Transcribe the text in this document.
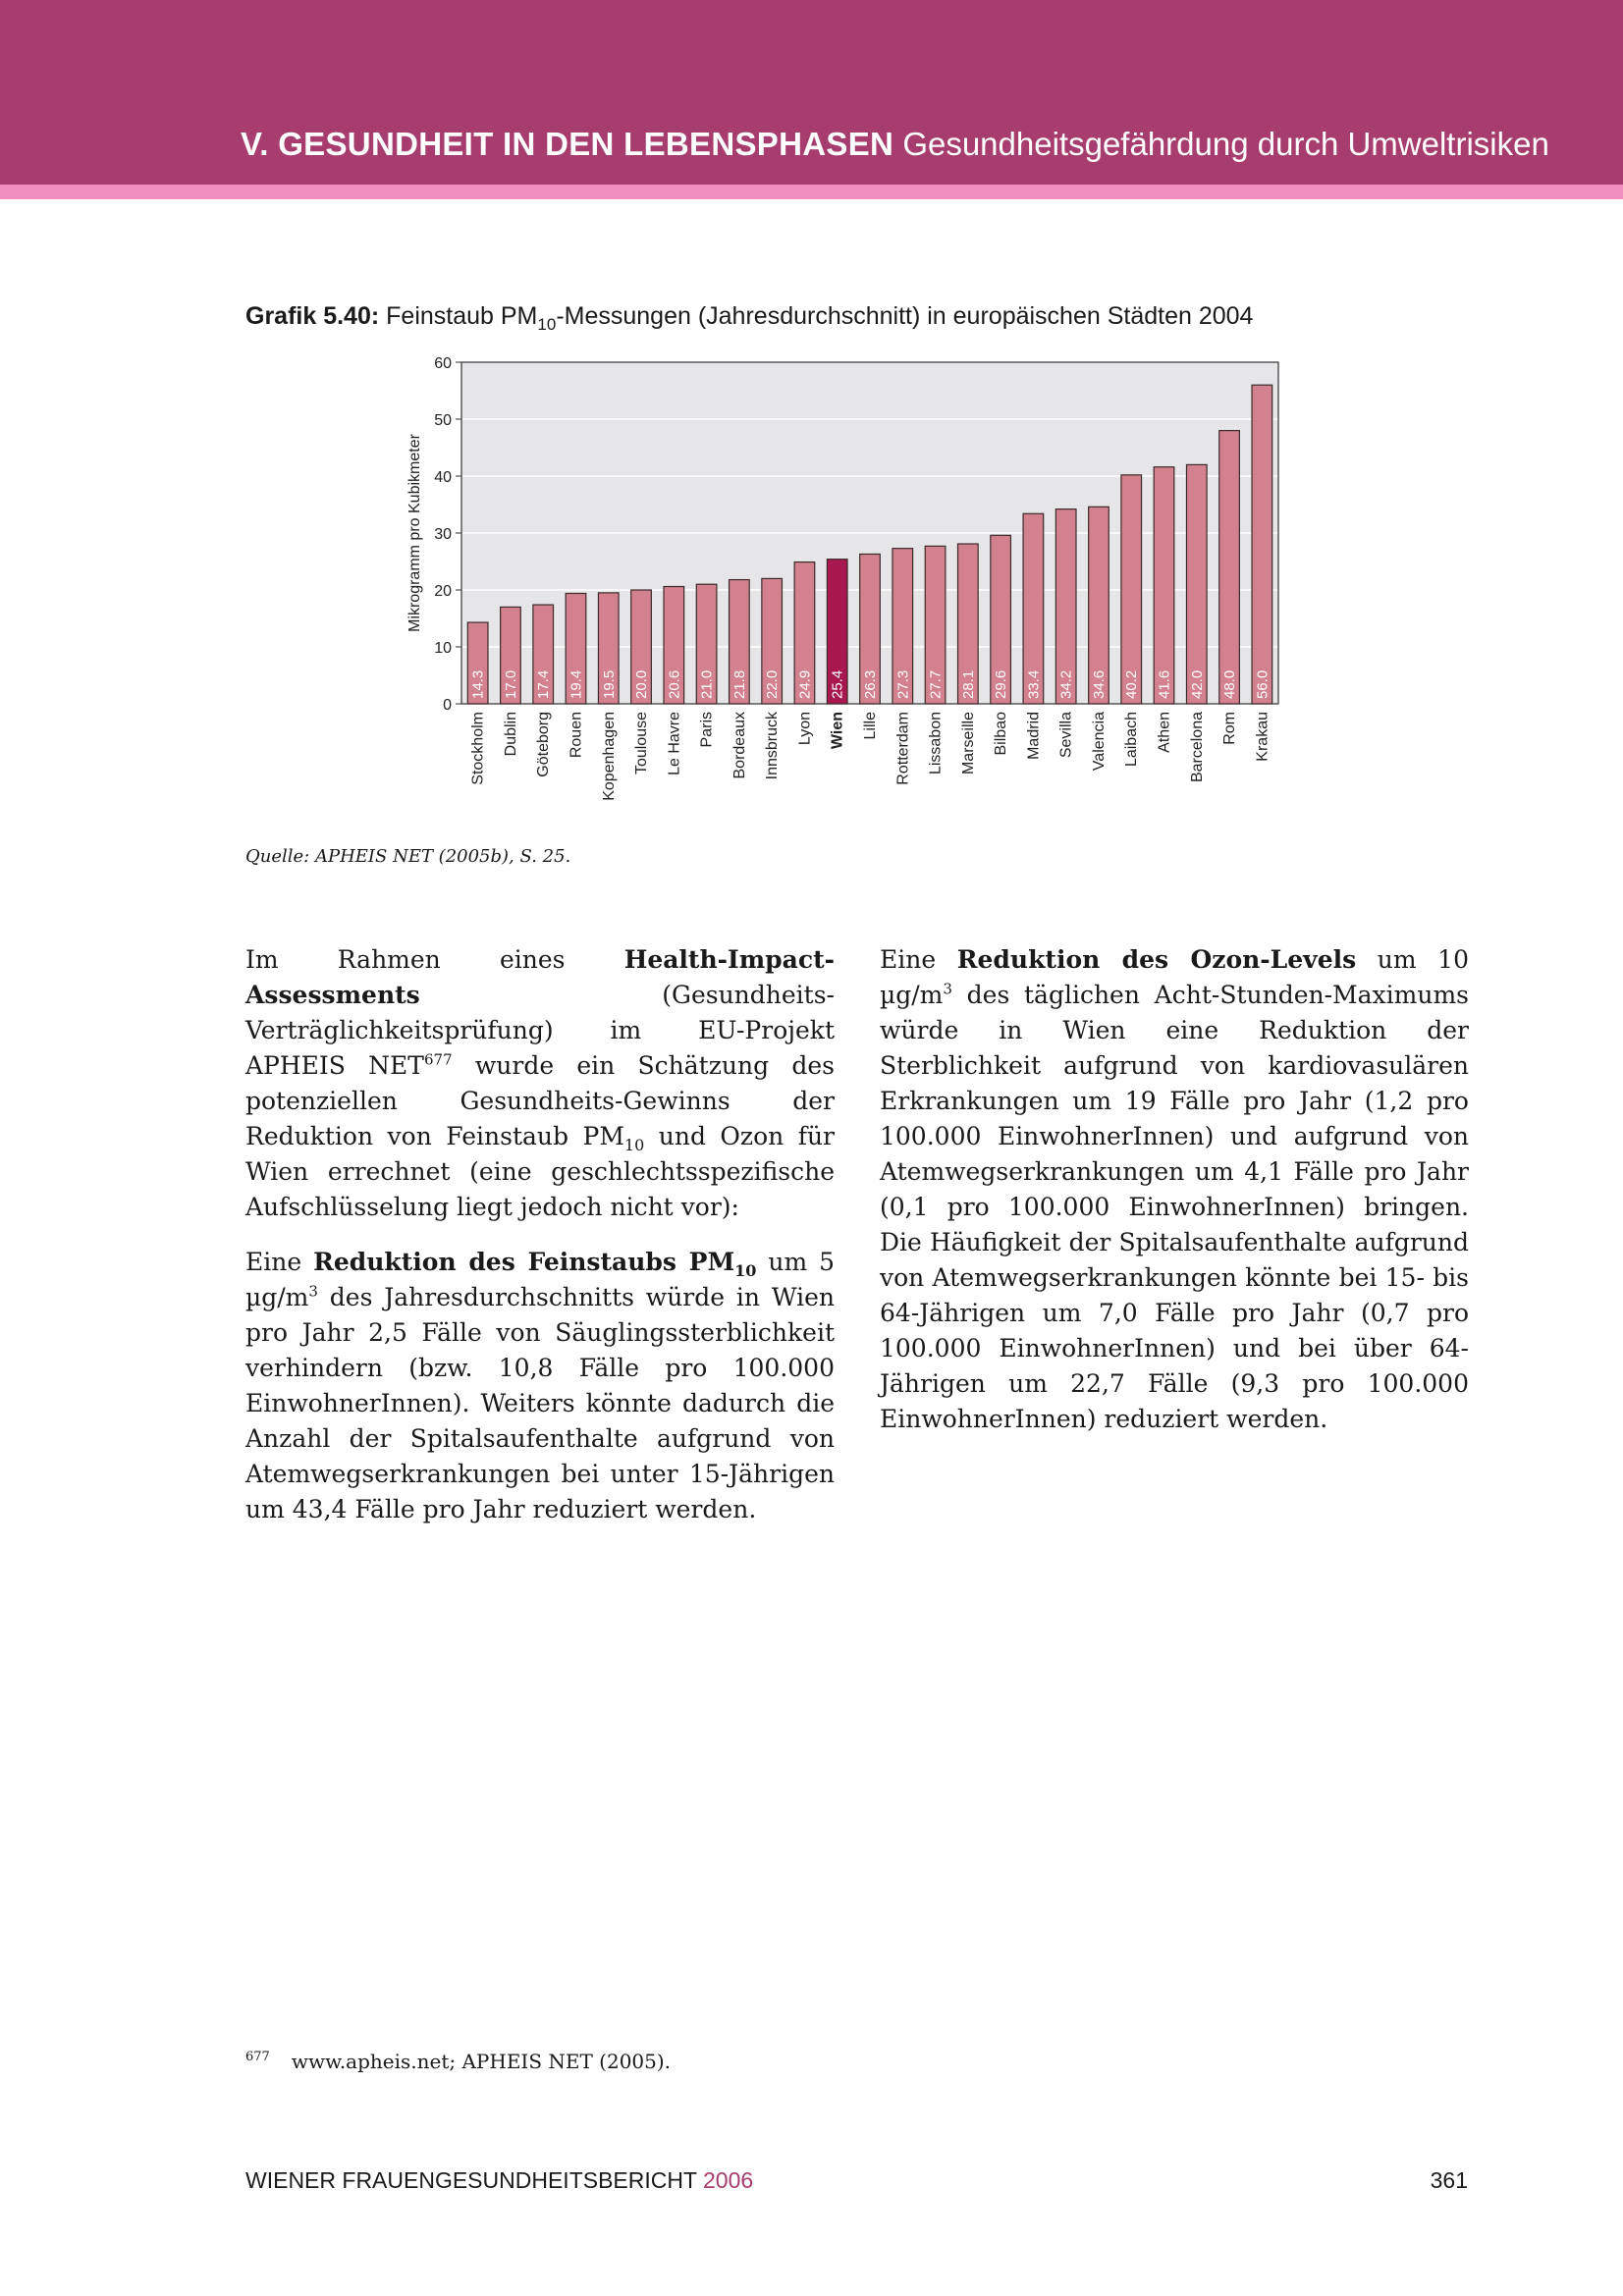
V. GESUNDHEIT IN DEN LEBENSPHASEN Gesundheitsgefährdung durch Umweltrisiken
Grafik 5.40: Feinstaub $PM_{10}$-Messungen (Jahresdurchschnitt) in europäischen Städten 2004
0
10
20
30
40
50
60
14.3
Stockholm
17.0
Dublin
17.4
Göteborg
19.4
Rouen
19.5
Kopenhagen
20.0
Toulouse
20.6
Le Havre
21.0
Paris
21.8
Bordeaux
22.0
Innsbruck
24.9
Lyon
25.4
Wien
26.3
Lille
27.3
Rotterdam
27.7
Lissabon
28.1
Marseille
29.6
Bilbao
33.4
Madrid
34.2
Sevilla
34.6
Valencia
40.2
Laibach
41.6
Athen
42.0
Barcelona
48.0
Rom
56.0
Krakau
Mikrogramm pro Kubikmeter
Quelle: APHEIS NET (2005b), S. 25.

Im Rahmen eines Health-Impact-Assessments (Gesundheits-Verträglichkeitsprüfung) im EU-Projekt APHEIS NET$^{677}$ wurde ein Schätzung des potenziellen Gesundheits-Gewinns der Reduktion von Feinstaub $PM_{10}$ und Ozon für Wien errechnet (eine geschlechtsspezifische Aufschlüsselung liegt jedoch nicht vor):

Eine Reduktion des Feinstaubs $PM_{10}$ um 5 $\mu g/m^3$ des Jahresdurchschnitts würde in Wien pro Jahr 2,5 Fälle von Säuglingssterblichkeit verhindern (bzw. 10,8 Fälle pro 100.000 EinwohnerInnen). Weiters könnte dadurch die Anzahl der Spitalsaufenthalte aufgrund von Atemwegserkrankungen bei unter 15-Jährigen um 43,4 Fälle pro Jahr reduziert werden.

Eine Reduktion des Ozon-Levels um 10 $\mu g/m^3$ des täglichen Acht-Stunden-Maximums würde in Wien eine Reduktion der Sterblichkeit aufgrund von kardiovasulären Erkrankungen um 19 Fälle pro Jahr (1,2 pro 100.000 EinwohnerInnen) und aufgrund von Atemwegserkrankungen um 4,1 Fälle pro Jahr (0,1 pro 100.000 EinwohnerInnen) bringen. Die Häufigkeit der Spitalsaufenthalte aufgrund von Atemwegserkrankungen könnte bei 15- bis 64-Jährigen um 7,0 Fälle pro Jahr (0,7 pro 100.000 EinwohnerInnen) und bei über 64-Jährigen um 22,7 Fälle (9,3 pro 100.000 EinwohnerInnen) reduziert werden.

$^{677}$ www.apheis.net; APHEIS NET (2005).
WIENER FRAUENGESUNDHEITSBERICHT 2006	361
